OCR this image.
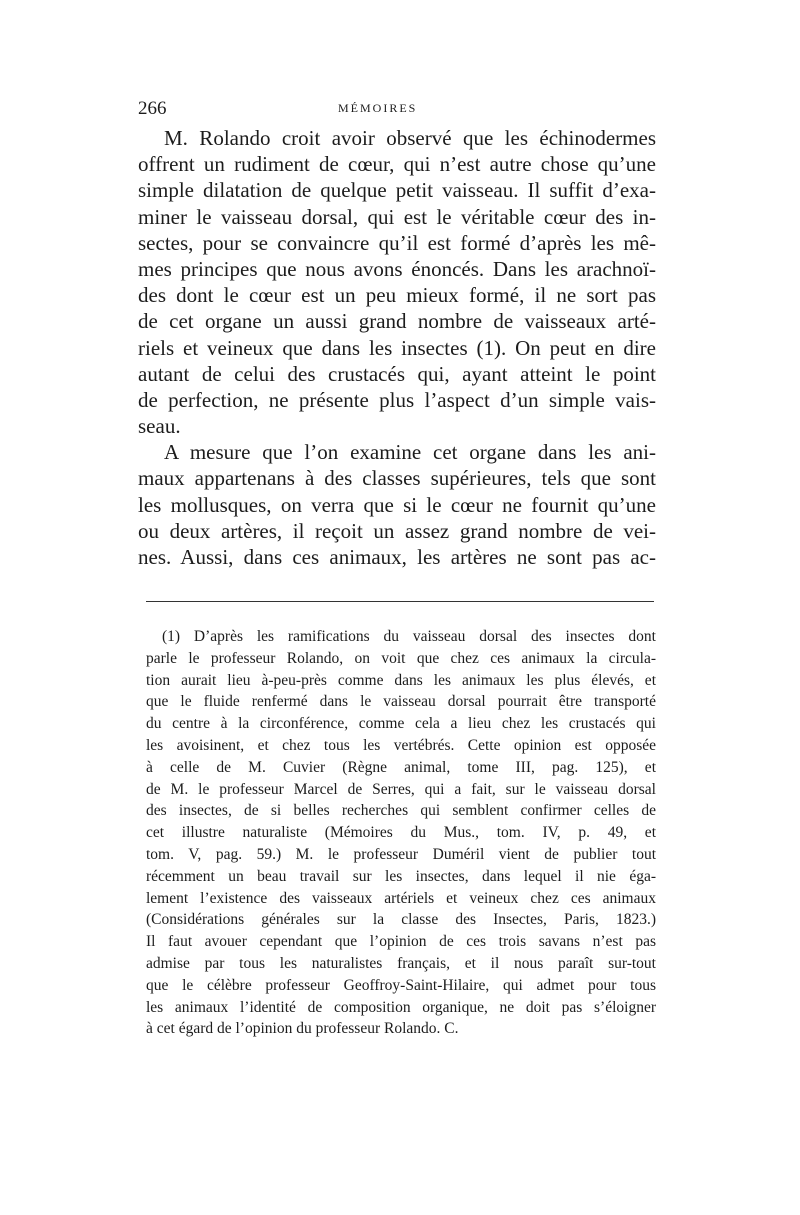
266	MÉMOIRES
M. Rolando croit avoir observé que les échinodermes
offrent un rudiment de cœur, qui n’est autre chose qu’une
simple dilatation de quelque petit vaisseau. Il suffit d’exa-
miner le vaisseau dorsal, qui est le véritable cœur des in-
sectes, pour se convaincre qu’il est formé d’après les mê-
mes principes que nous avons énoncés. Dans les arachnoï-
des dont le cœur est un peu mieux formé, il ne sort pas
de cet organe un aussi grand nombre de vaisseaux arté-
riels et veineux que dans les insectes (1). On peut en dire
autant de celui des crustacés qui, ayant atteint le point
de perfection, ne présente plus l’aspect d’un simple vais-
seau.
A mesure que l’on examine cet organe dans les ani-
maux appartenans à des classes supérieures, tels que sont
les mollusques, on verra que si le cœur ne fournit qu’une
ou deux artères, il reçoit un assez grand nombre de vei-
nes. Aussi, dans ces animaux, les artères ne sont pas ac-
(1) D’après les ramifications du vaisseau dorsal des insectes dont
parle le professeur Rolando, on voit que chez ces animaux la circula-
tion aurait lieu à-peu-près comme dans les animaux les plus élevés, et
que le fluide renfermé dans le vaisseau dorsal pourrait être transporté
du centre à la circonférence, comme cela a lieu chez les crustacés qui
les avoisinent, et chez tous les vertébrés. Cette opinion est opposée
à celle de M. Cuvier (Règne animal, tome III, pag. 125), et
de M. le professeur Marcel de Serres, qui a fait, sur le vaisseau dorsal
des insectes, de si belles recherches qui semblent confirmer celles de
cet illustre naturaliste (Mémoires du Mus., tom. IV, p. 49, et
tom. V, pag. 59.) M. le professeur Duméril vient de publier tout
récemment un beau travail sur les insectes, dans lequel il nie éga-
lement l’existence des vaisseaux artériels et veineux chez ces animaux
(Considérations générales sur la classe des Insectes, Paris, 1823.)
Il faut avouer cependant que l’opinion de ces trois savans n’est pas
admise par tous les naturalistes français, et il nous paraît sur-tout
que le célèbre professeur Geoffroy-Saint-Hilaire, qui admet pour tous
les animaux l’identité de composition organique, ne doit pas s’éloigner
à cet égard de l’opinion du professeur Rolando. C.
